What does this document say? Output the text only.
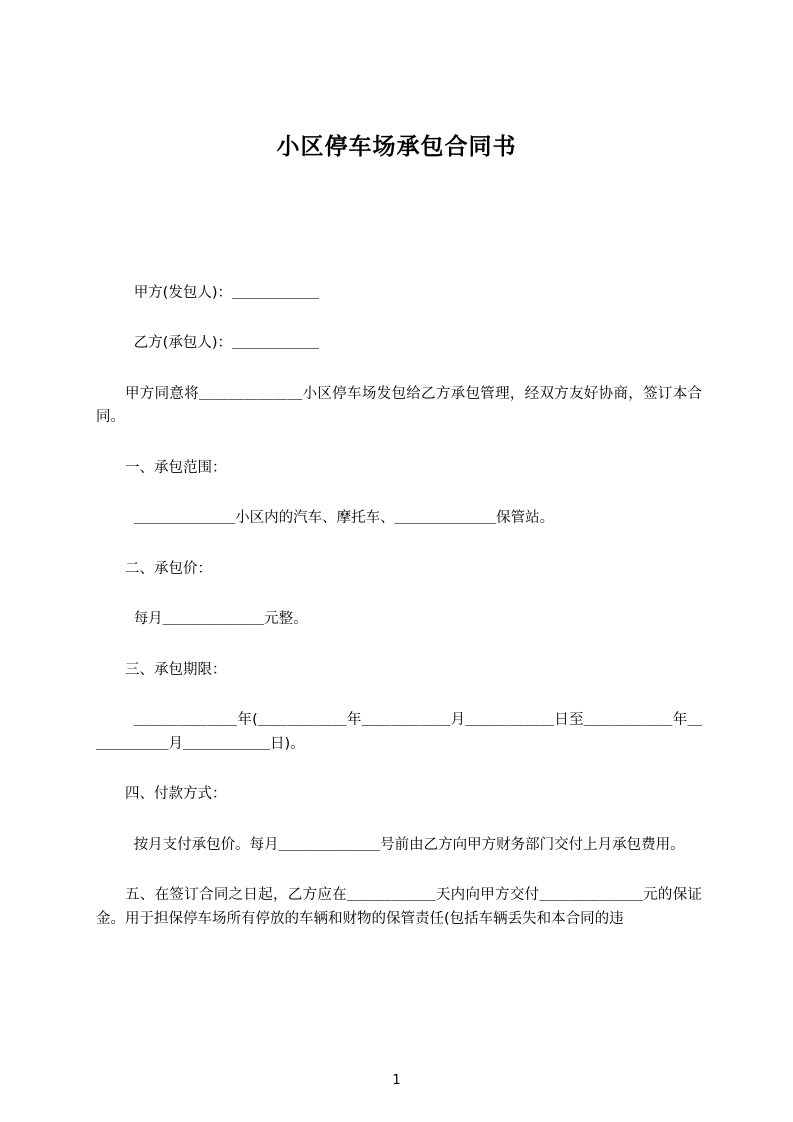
小区停车场承包合同书

甲方(发包人)：＿＿＿＿＿＿

乙方(承包人)：＿＿＿＿＿＿

甲方同意将＿＿＿＿＿＿＿小区停车场发包给乙方承包管理，经双方友好协商，签订本合同。

一、承包范围：

＿＿＿＿＿＿＿小区内的汽车、摩托车、＿＿＿＿＿＿＿保管站。

二、承包价：

每月＿＿＿＿＿＿＿元整。

三、承包期限：

＿＿＿＿＿＿＿年(＿＿＿＿＿＿年＿＿＿＿＿＿月＿＿＿＿＿＿日至＿＿＿＿＿＿年＿＿＿＿＿＿月＿＿＿＿＿＿日)。

四、付款方式：

按月支付承包价。每月＿＿＿＿＿＿＿号前由乙方向甲方财务部门交付上月承包费用。

五、在签订合同之日起，乙方应在＿＿＿＿＿＿天内向甲方交付＿＿＿＿＿＿＿元的保证金。用于担保停车场所有停放的车辆和财物的保管责任(包括车辆丢失和本合同的违

1
